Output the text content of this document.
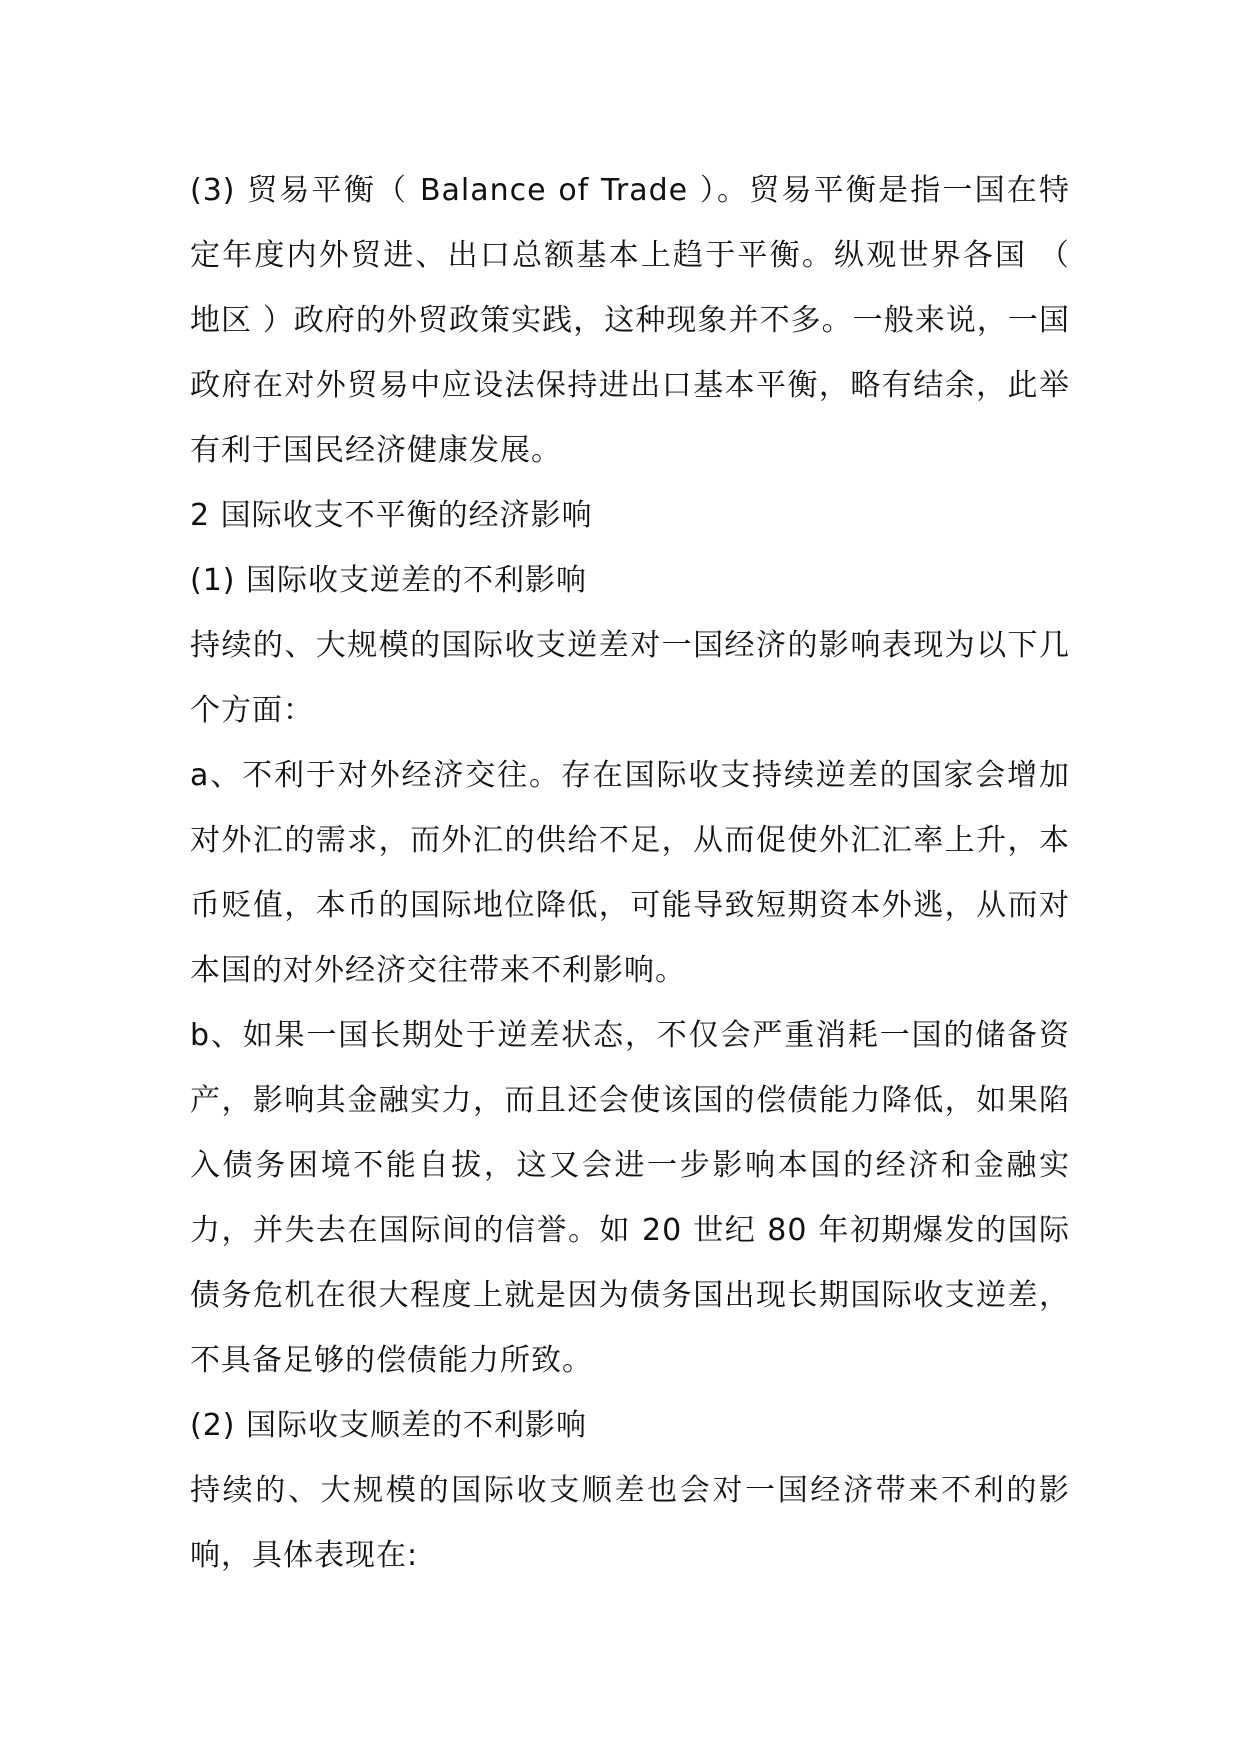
(3) 贸易平衡（ Balance of Trade ）。贸易平衡是指一国在特定年度内外贸进、出口总额基本上趋于平衡。纵观世界各国 （ 地区 ）政府的外贸政策实践，这种现象并不多。一般来说，一国政府在对外贸易中应设法保持进出口基本平衡，略有结余，此举有利于国民经济健康发展。

2 国际收支不平衡的经济影响

(1) 国际收支逆差的不利影响

持续的、大规模的国际收支逆差对一国经济的影响表现为以下几个方面：

a、不利于对外经济交往。存在国际收支持续逆差的国家会增加对外汇的需求，而外汇的供给不足，从而促使外汇汇率上升，本币贬值，本币的国际地位降低，可能导致短期资本外逃，从而对本国的对外经济交往带来不利影响。

b、如果一国长期处于逆差状态，不仅会严重消耗一国的储备资产，影响其金融实力，而且还会使该国的偿债能力降低，如果陷入债务困境不能自拔，这又会进一步影响本国的经济和金融实力，并失去在国际间的信誉。如 20 世纪 80 年初期爆发的国际债务危机在很大程度上就是因为债务国出现长期国际收支逆差，不具备足够的偿债能力所致。

(2) 国际收支顺差的不利影响

持续的、大规模的国际收支顺差也会对一国经济带来不利的影响，具体表现在:
